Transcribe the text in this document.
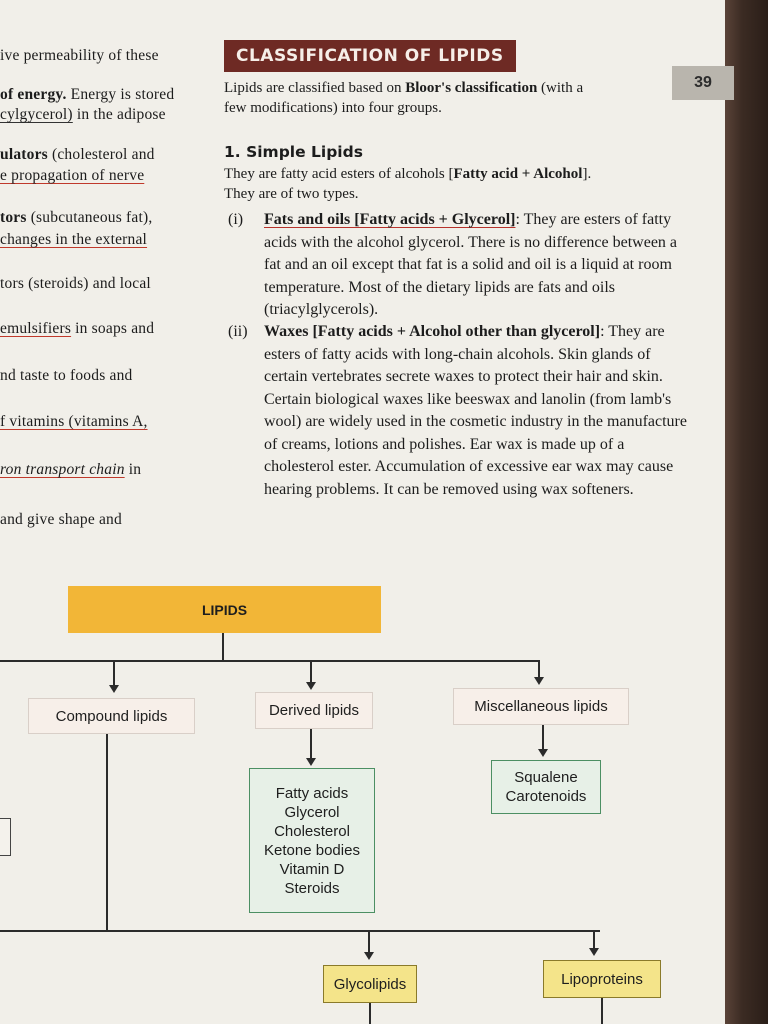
ive permeability of these
of energy. Energy is stored
cylgycerol) in the adipose
ulators (cholesterol and
e propagation of nerve
tors (subcutaneous fat),
changes in the external
tors (steroids) and local
emulsifiers in soaps and
nd taste to foods and
f vitamins (vitamins A,
ron transport chain in
and give shape and
CLASSIFICATION OF LIPIDS
Lipids are classified based on Bloor's classification (with a
few modifications) into four groups.
1. Simple Lipids
They are fatty acid esters of alcohols [Fatty acid + Alcohol].
They are of two types.
(i)	Fats and oils [Fatty acids + Glycerol]: They are esters of fatty acids with the alcohol glycerol. There is no difference between a fat and an oil except that fat is a solid and oil is a liquid at room temperature. Most of the dietary lipids are fats and oils (triacylglycerols).
(ii)	Waxes [Fatty acids + Alcohol other than glycerol]: They are esters of fatty acids with long-chain alcohols. Skin glands of certain vertebrates secrete waxes to protect their hair and skin. Certain biological waxes like beeswax and lanolin (from lamb's wool) are widely used in the cosmetic industry in the manufacture of creams, lotions and polishes. Ear wax is made up of a cholesterol ester. Accumulation of excessive ear wax may cause hearing problems. It can be removed using wax softeners.
LIPIDS
Compound lipids	Derived lipids	Miscellaneous lipids
Fatty acids
Glycerol
Cholesterol
Ketone bodies
Vitamin D
Steroids
Squalene
Carotenoids
Glycolipids	Lipoproteins
39
